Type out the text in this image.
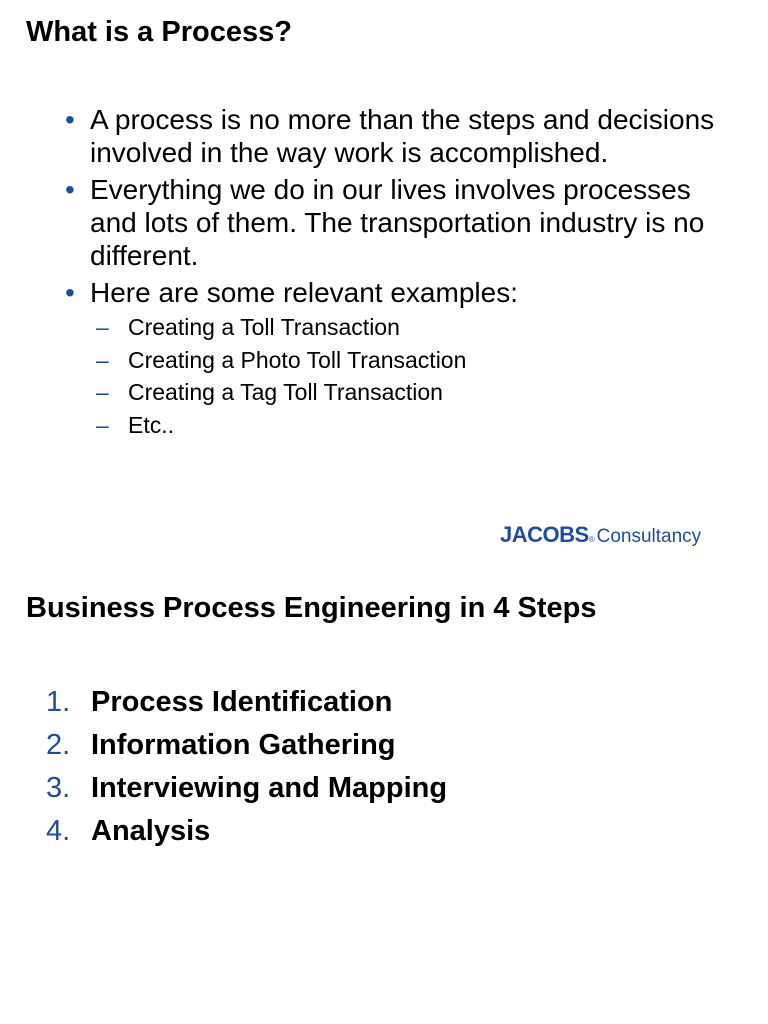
What is a Process?
• A process is no more than the steps and decisions involved in the way work is accomplished.
• Everything we do in our lives involves processes and lots of them. The transportation industry is no different.
• Here are some relevant examples:
– Creating a Toll Transaction
– Creating a Photo Toll Transaction
– Creating a Tag Toll Transaction
– Etc..
JACOBS ® Consultancy
Business Process Engineering in 4 Steps
1. Process Identification
2. Information Gathering
3. Interviewing and Mapping
4. Analysis
